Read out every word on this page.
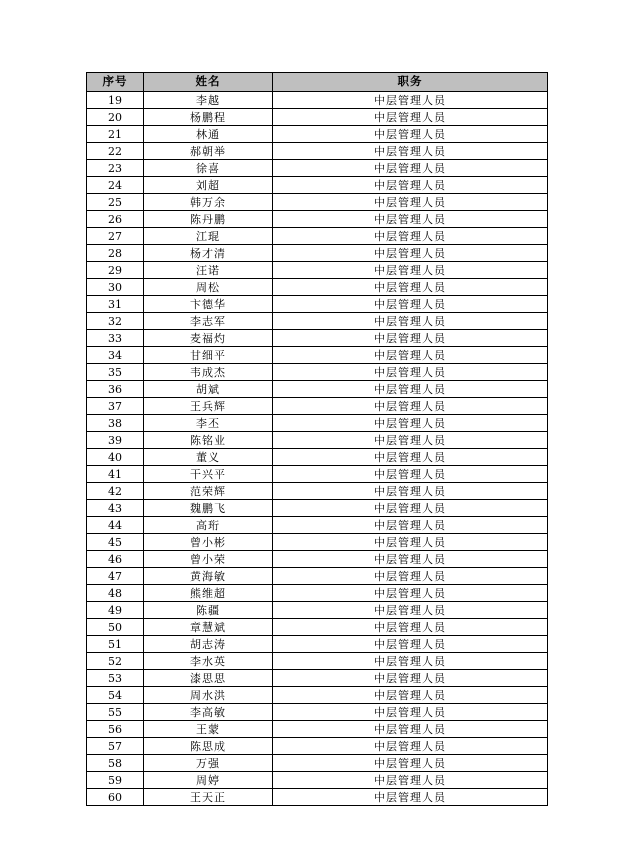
序号	姓名	职务
19	李越	中层管理人员
20	杨鹏程	中层管理人员
21	林通	中层管理人员
22	郝朝举	中层管理人员
23	徐喜	中层管理人员
24	刘超	中层管理人员
25	韩万余	中层管理人员
26	陈丹鹏	中层管理人员
27	江琨	中层管理人员
28	杨才清	中层管理人员
29	汪诺	中层管理人员
30	周松	中层管理人员
31	卞德华	中层管理人员
32	李志军	中层管理人员
33	麦福灼	中层管理人员
34	甘细平	中层管理人员
35	韦成杰	中层管理人员
36	胡斌	中层管理人员
37	王兵辉	中层管理人员
38	李丕	中层管理人员
39	陈铭业	中层管理人员
40	董义	中层管理人员
41	干兴平	中层管理人员
42	范荣辉	中层管理人员
43	魏鹏飞	中层管理人员
44	高珩	中层管理人员
45	曾小彬	中层管理人员
46	曾小荣	中层管理人员
47	黄海敏	中层管理人员
48	熊维超	中层管理人员
49	陈疆	中层管理人员
50	章慧斌	中层管理人员
51	胡志涛	中层管理人员
52	李水英	中层管理人员
53	漆思思	中层管理人员
54	周水洪	中层管理人员
55	李高敏	中层管理人员
56	王蒙	中层管理人员
57	陈思成	中层管理人员
58	万强	中层管理人员
59	周婷	中层管理人员
60	王天正	中层管理人员
